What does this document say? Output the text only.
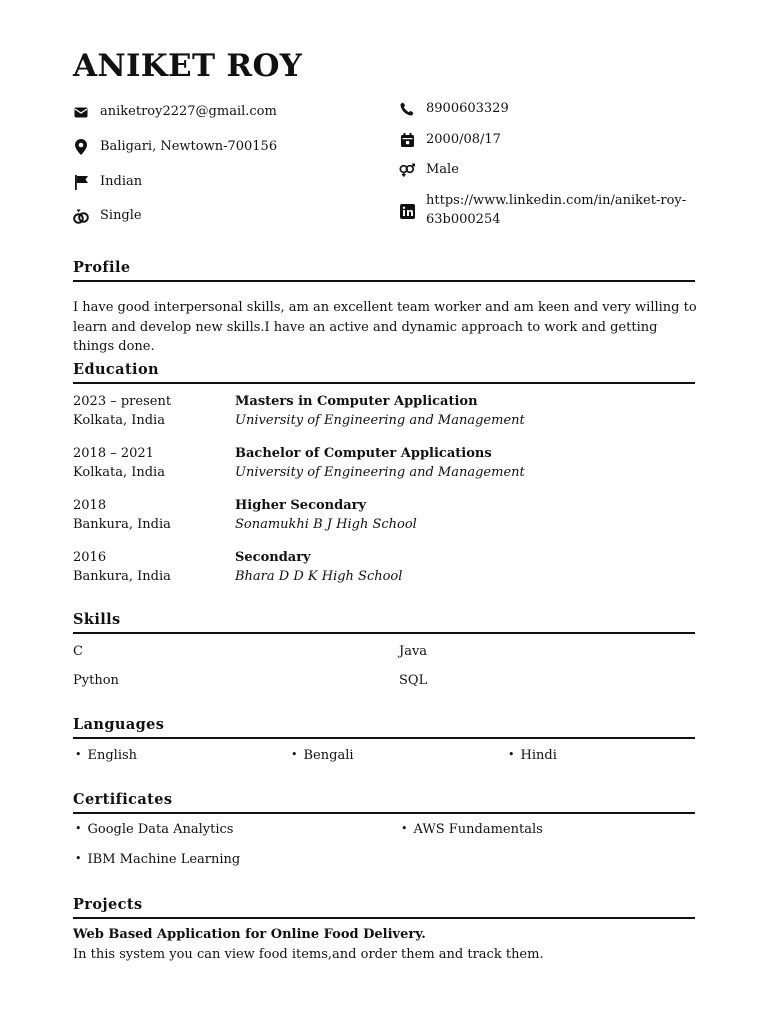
ANIKET ROY
aniketroy2227@gmail.com
Baligari, Newtown-700156
Indian
Single
8900603329
2000/08/17
Male
https://www.linkedin.com/in/aniket-roy-63b000254
Profile
I have good interpersonal skills, am an excellent team worker and am keen and very willing to learn and develop new skills.I have an active and dynamic approach to work and getting things done.
Education
2023 – present
Kolkata, India
Masters in Computer Application
University of Engineering and Management
2018 – 2021
Kolkata, India
Bachelor of Computer Applications
University of Engineering and Management
2018
Bankura, India
Higher Secondary
Sonamukhi B J High School
2016
Bankura, India
Secondary
Bhara D D K High School
Skills
C	Java
Python	SQL
Languages
• English	• Bengali	• Hindi
Certificates
• Google Data Analytics	• AWS Fundamentals
• IBM Machine Learning
Projects
Web Based Application for Online Food Delivery.
In this system you can view food items,and order them and track them.
